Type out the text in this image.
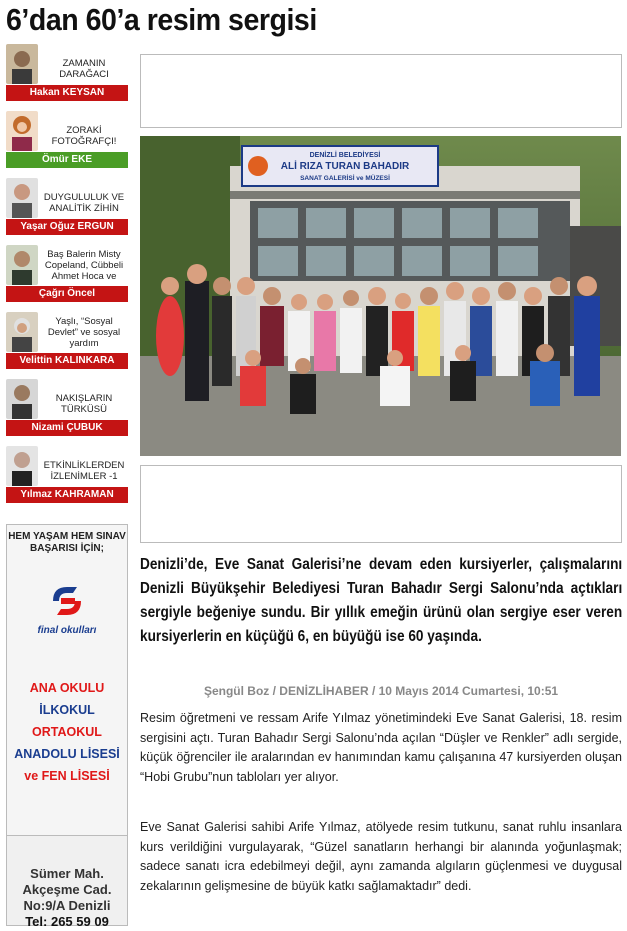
6’dan 60’a resim sergisi
ZAMANIN DARAĞACI
Hakan KEYSAN
ZORAKİ FOTOĞRAFÇI!
Ömür EKE
DUYGULULUK VE ANALİTİK ZİHİN
Yaşar Oğuz ERGUN
Baş Balerin Misty Copeland, Cübbeli Ahmet Hoca ve
Çağrı Öncel
Yaşlı, “Sosyal Devlet” ve sosyal yardım
Velittin KALINKARA
NAKIŞLARIN TÜRKÜSÜ
Nizami ÇUBUK
ETKİNLİKLERDEN İZLENİMLER -1
Yılmaz KAHRAMAN
HEM YAŞAM HEM SINAV BAŞARISI İÇİN;
final okulları
ANA OKULU
İLKOKUL
ORTAOKUL
ANADOLU LİSESİ
ve FEN LİSESİ
Sümer Mah.
Akçeşme Cad.
No:9/A Denizli
Tel: 265 59 09
DENİZLİ BELEDİYESİ
ALİ RIZA TURAN BAHADIR
SANAT GALERİSİ ve MÜZESİ

Denizli’de, Eve Sanat Galerisi’ne devam eden kursiyerler, çalışmalarını Denizli Büyükşehir Belediyesi Turan Bahadır Sergi Salonu’nda açtıkları sergiyle beğeniye sundu. Bir yıllık emeğin ürünü olan sergiye eser veren kursiyerlerin en küçüğü 6, en büyüğü ise 60 yaşında.

Şengül Boz / DENİZLİHABER / 10 Mayıs 2014 Cumartesi, 10:51

Resim öğretmeni ve ressam Arife Yılmaz yönetimindeki Eve Sanat Galerisi, 18. resim sergisini açtı. Turan Bahadır Sergi Salonu’nda açılan “Düşler ve Renkler” adlı sergide, küçük öğrenciler ile aralarından ev hanımından kamu çalışanına 47 kursiyerden oluşan “Hobi Grubu”nun tabloları yer alıyor.

Eve Sanat Galerisi sahibi Arife Yılmaz, atölyede resim tutkunu, sanat ruhlu insanlara kurs verildiğini vurgulayarak, “Güzel sanatların herhangi bir alanında yoğunlaşmak; sadece sanatı icra edebilmeyi değil, aynı zamanda algıların güçlenmesi ve duygusal zekalarının gelişmesine de büyük katkı sağlamaktadır” dedi.
